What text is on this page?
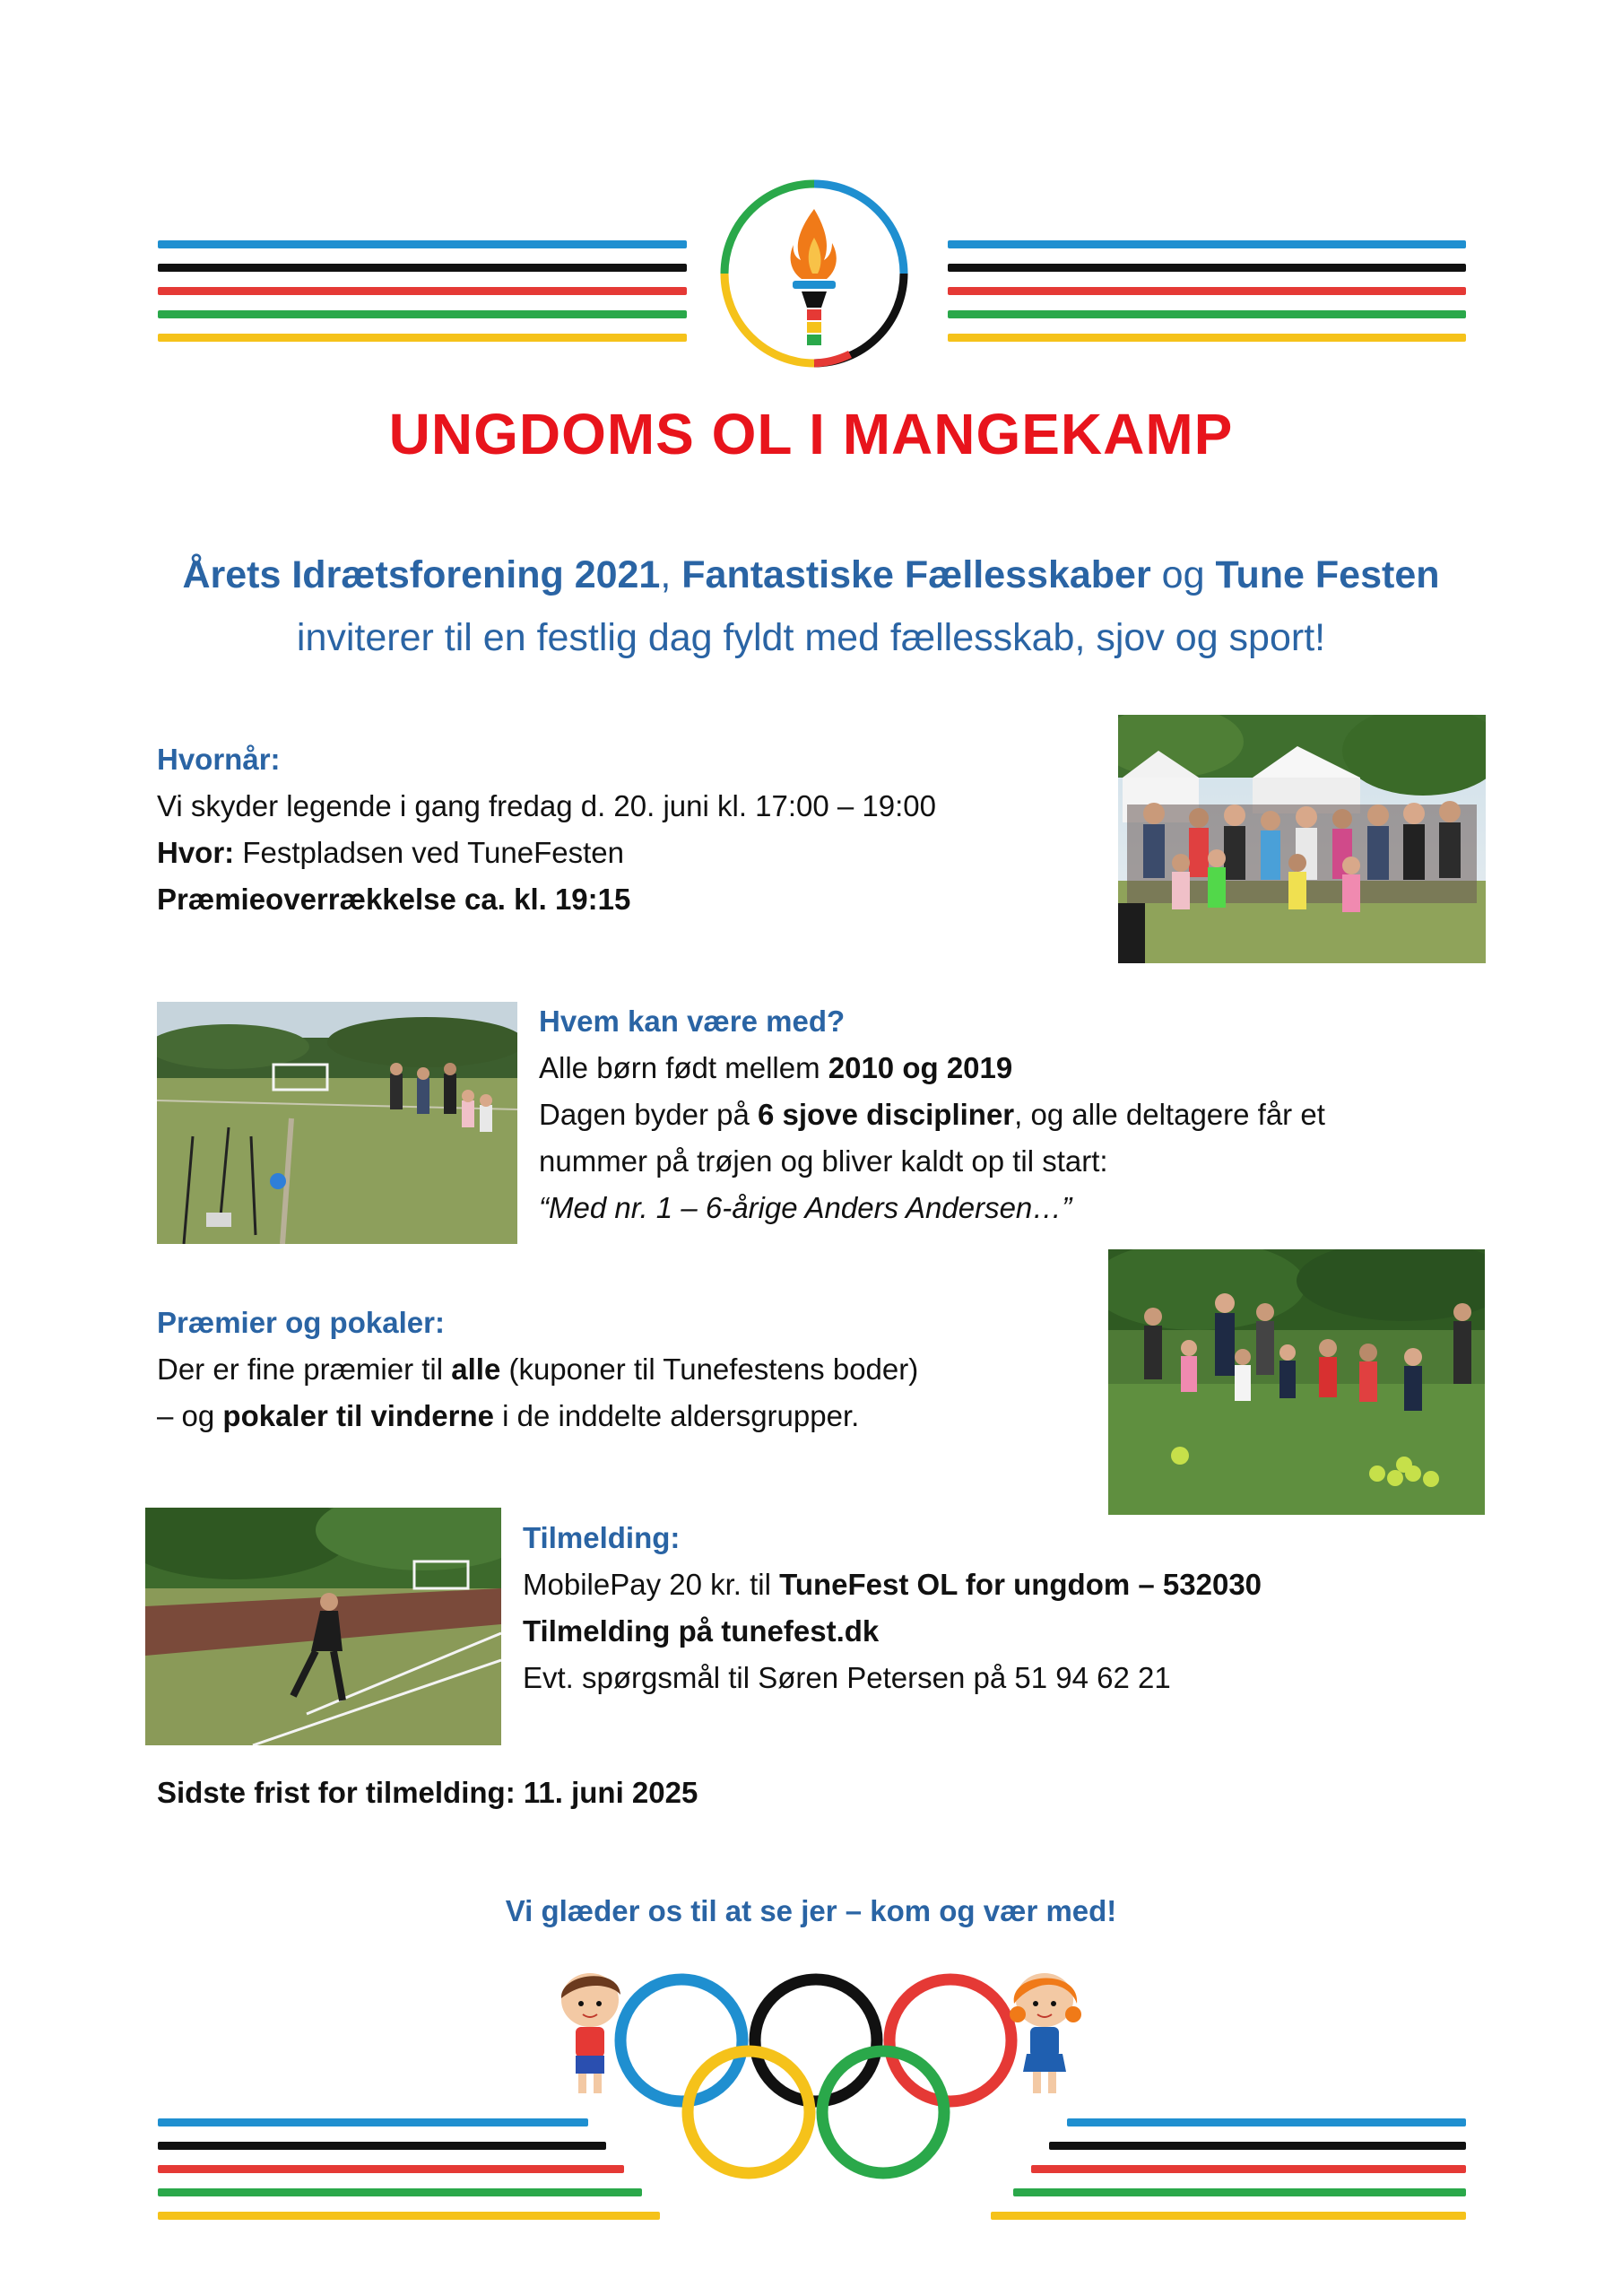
UNGDOMS OL I MANGEKAMP
Årets Idrætsforening 2021, Fantastiske Fællesskaber og Tune Festen inviterer til en festlig dag fyldt med fællesskab, sjov og sport!
Hvornår:
Vi skyder legende i gang fredag d. 20. juni kl. 17:00 – 19:00
Hvor: Festpladsen ved TuneFesten
Præmieoverrækkelse ca. kl. 19:15
Hvem kan være med?
Alle børn født mellem 2010 og 2019
Dagen byder på 6 sjove discipliner, og alle deltagere får et
nummer på trøjen og bliver kaldt op til start:
“Med nr. 1 – 6-årige Anders Andersen…”
Præmier og pokaler:
Der er fine præmier til alle (kuponer til Tunefestens boder)
– og pokaler til vinderne i de inddelte aldersgrupper.
Tilmelding:
MobilePay 20 kr. til TuneFest OL for ungdom – 532030
Tilmelding på tunefest.dk
Evt. spørgsmål til Søren Petersen på 51 94 62 21
Sidste frist for tilmelding: 11. juni 2025
Vi glæder os til at se jer – kom og vær med!
